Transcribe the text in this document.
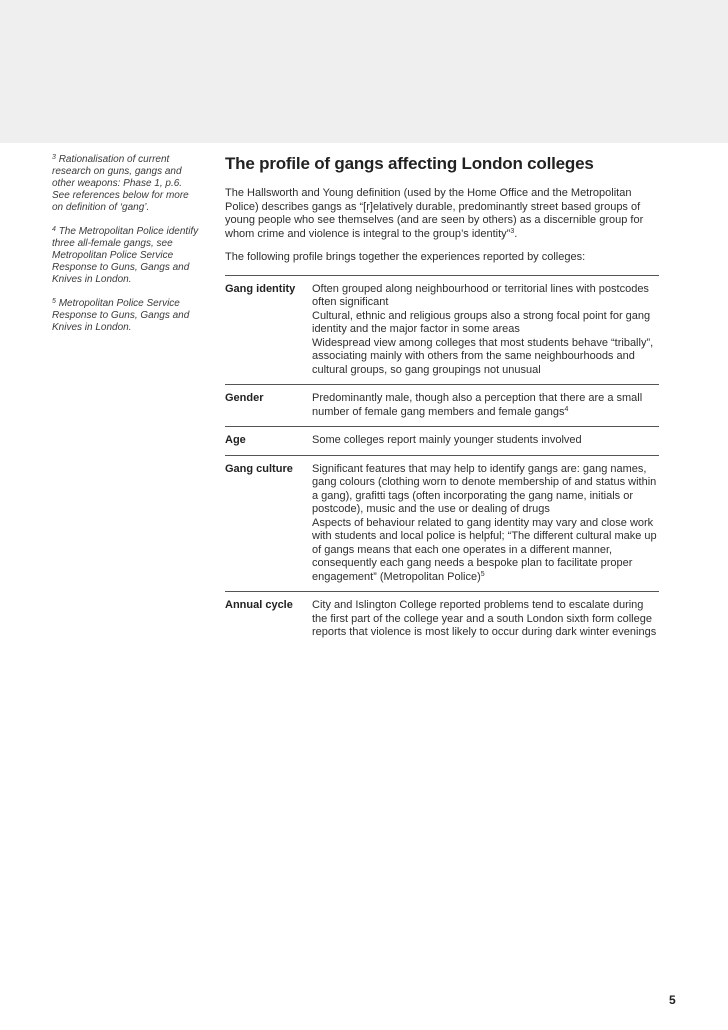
$^3$ Rationalisation of current research on guns, gangs and other weapons: Phase 1, p.6. See references below for more on definition of ‘gang’.

$^4$ The Metropolitan Police identify three all-female gangs, see Metropolitan Police Service Response to Guns, Gangs and Knives in London.

$^5$ Metropolitan Police Service Response to Guns, Gangs and Knives in London.

The profile of gangs affecting London colleges

The Hallsworth and Young definition (used by the Home Office and the Metropolitan Police) describes gangs as “[r]elatively durable, predominantly street based groups of young people who see themselves (and are seen by others) as a discernible group for whom crime and violence is integral to the group’s identity”$^3$.

The following profile brings together the experiences reported by colleges:

Gang identity	Often grouped along neighbourhood or territorial lines with postcodes often significant
Cultural, ethnic and religious groups also a strong focal point for gang identity and the major factor in some areas
Widespread view among colleges that most students behave “tribally”, associating mainly with others from the same neighbourhoods and cultural groups, so gang groupings not unusual
Gender	Predominantly male, though also a perception that there are a small number of female gang members and female gangs$^4$
Age	Some colleges report mainly younger students involved
Gang culture	Significant features that may help to identify gangs are: gang names, gang colours (clothing worn to denote membership of and status within a gang), grafitti tags (often incorporating the gang name, initials or postcode), music and the use or dealing of drugs
Aspects of behaviour related to gang identity may vary and close work with students and local police is helpful; “The different cultural make up of gangs means that each one operates in a different manner, consequently each gang needs a bespoke plan to facilitate proper engagement” (Metropolitan Police)$^5$
Annual cycle	City and Islington College reported problems tend to escalate during the first part of the college year and a south London sixth form college reports that violence is most likely to occur during dark winter evenings
5
